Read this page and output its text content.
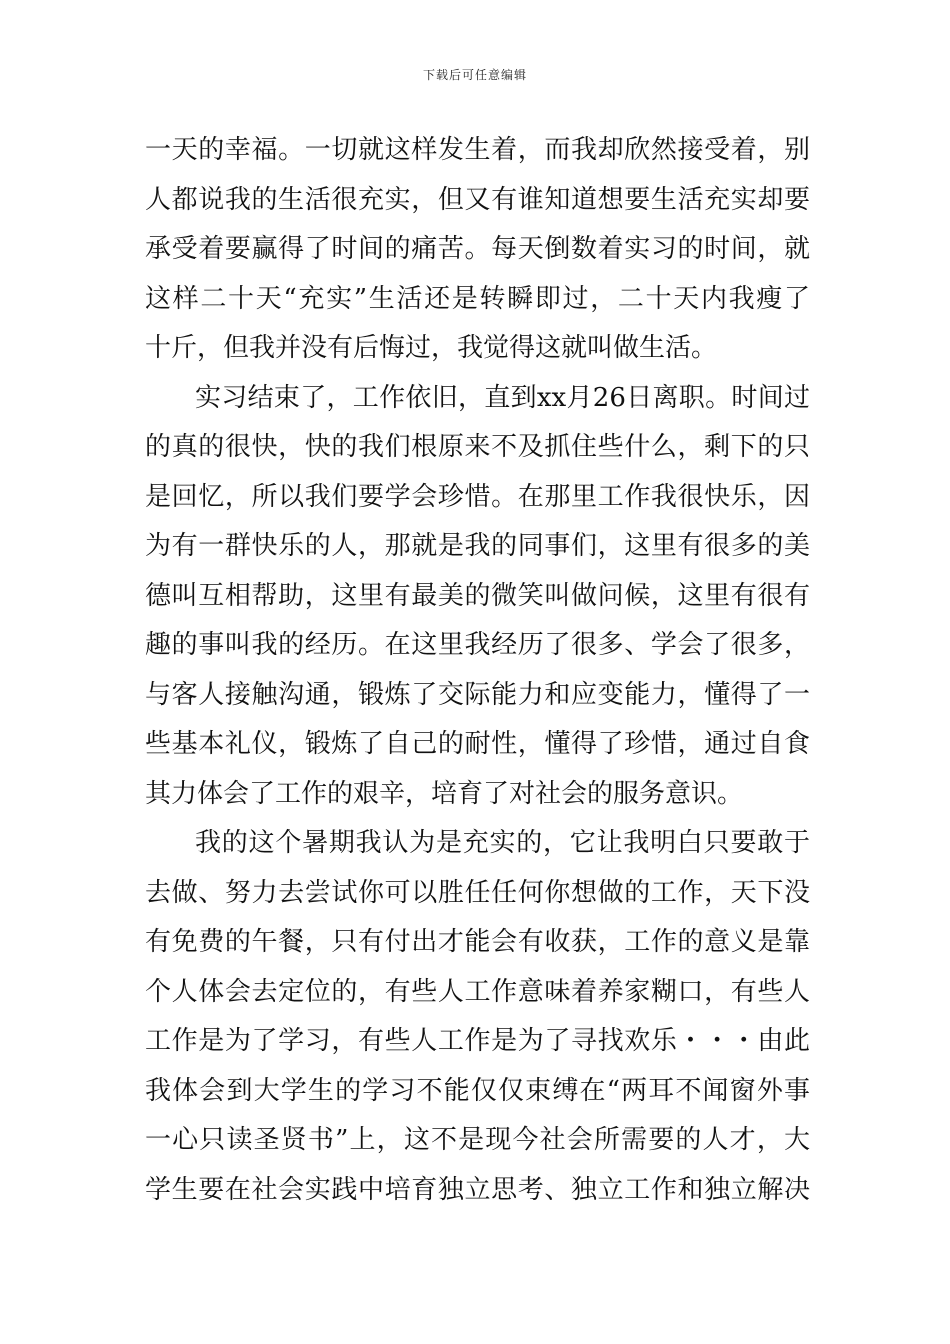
下载后可任意编辑
一天的幸福。一切就这样发生着，而我却欣然接受着，别
人都说我的生活很充实，但又有谁知道想要生活充实却要
承受着要赢得了时间的痛苦。每天倒数着实习的时间，就
这样二十天“充实”生活还是转瞬即过，二十天内我瘦了
十斤，但我并没有后悔过，我觉得这就叫做生活。
实习结束了，工作依旧，直到xx月26日离职。时间过
的真的很快，快的我们根原来不及抓住些什么，剩下的只
是回忆，所以我们要学会珍惜。在那里工作我很快乐，因
为有一群快乐的人，那就是我的同事们，这里有很多的美
德叫互相帮助，这里有最美的微笑叫做问候，这里有很有
趣的事叫我的经历。在这里我经历了很多、学会了很多，
与客人接触沟通，锻炼了交际能力和应变能力，懂得了一
些基本礼仪，锻炼了自己的耐性，懂得了珍惜，通过自食
其力体会了工作的艰辛，培育了对社会的服务意识。
我的这个暑期我认为是充实的，它让我明白只要敢于
去做、努力去尝试你可以胜任任何你想做的工作，天下没
有免费的午餐，只有付出才能会有收获，工作的意义是靠
个人体会去定位的，有些人工作意味着养家糊口，有些人
工作是为了学习，有些人工作是为了寻找欢乐・・・由此
我体会到大学生的学习不能仅仅束缚在“两耳不闻窗外事
一心只读圣贤书”上，这不是现今社会所需要的人才，大
学生要在社会实践中培育独立思考、独立工作和独立解决
